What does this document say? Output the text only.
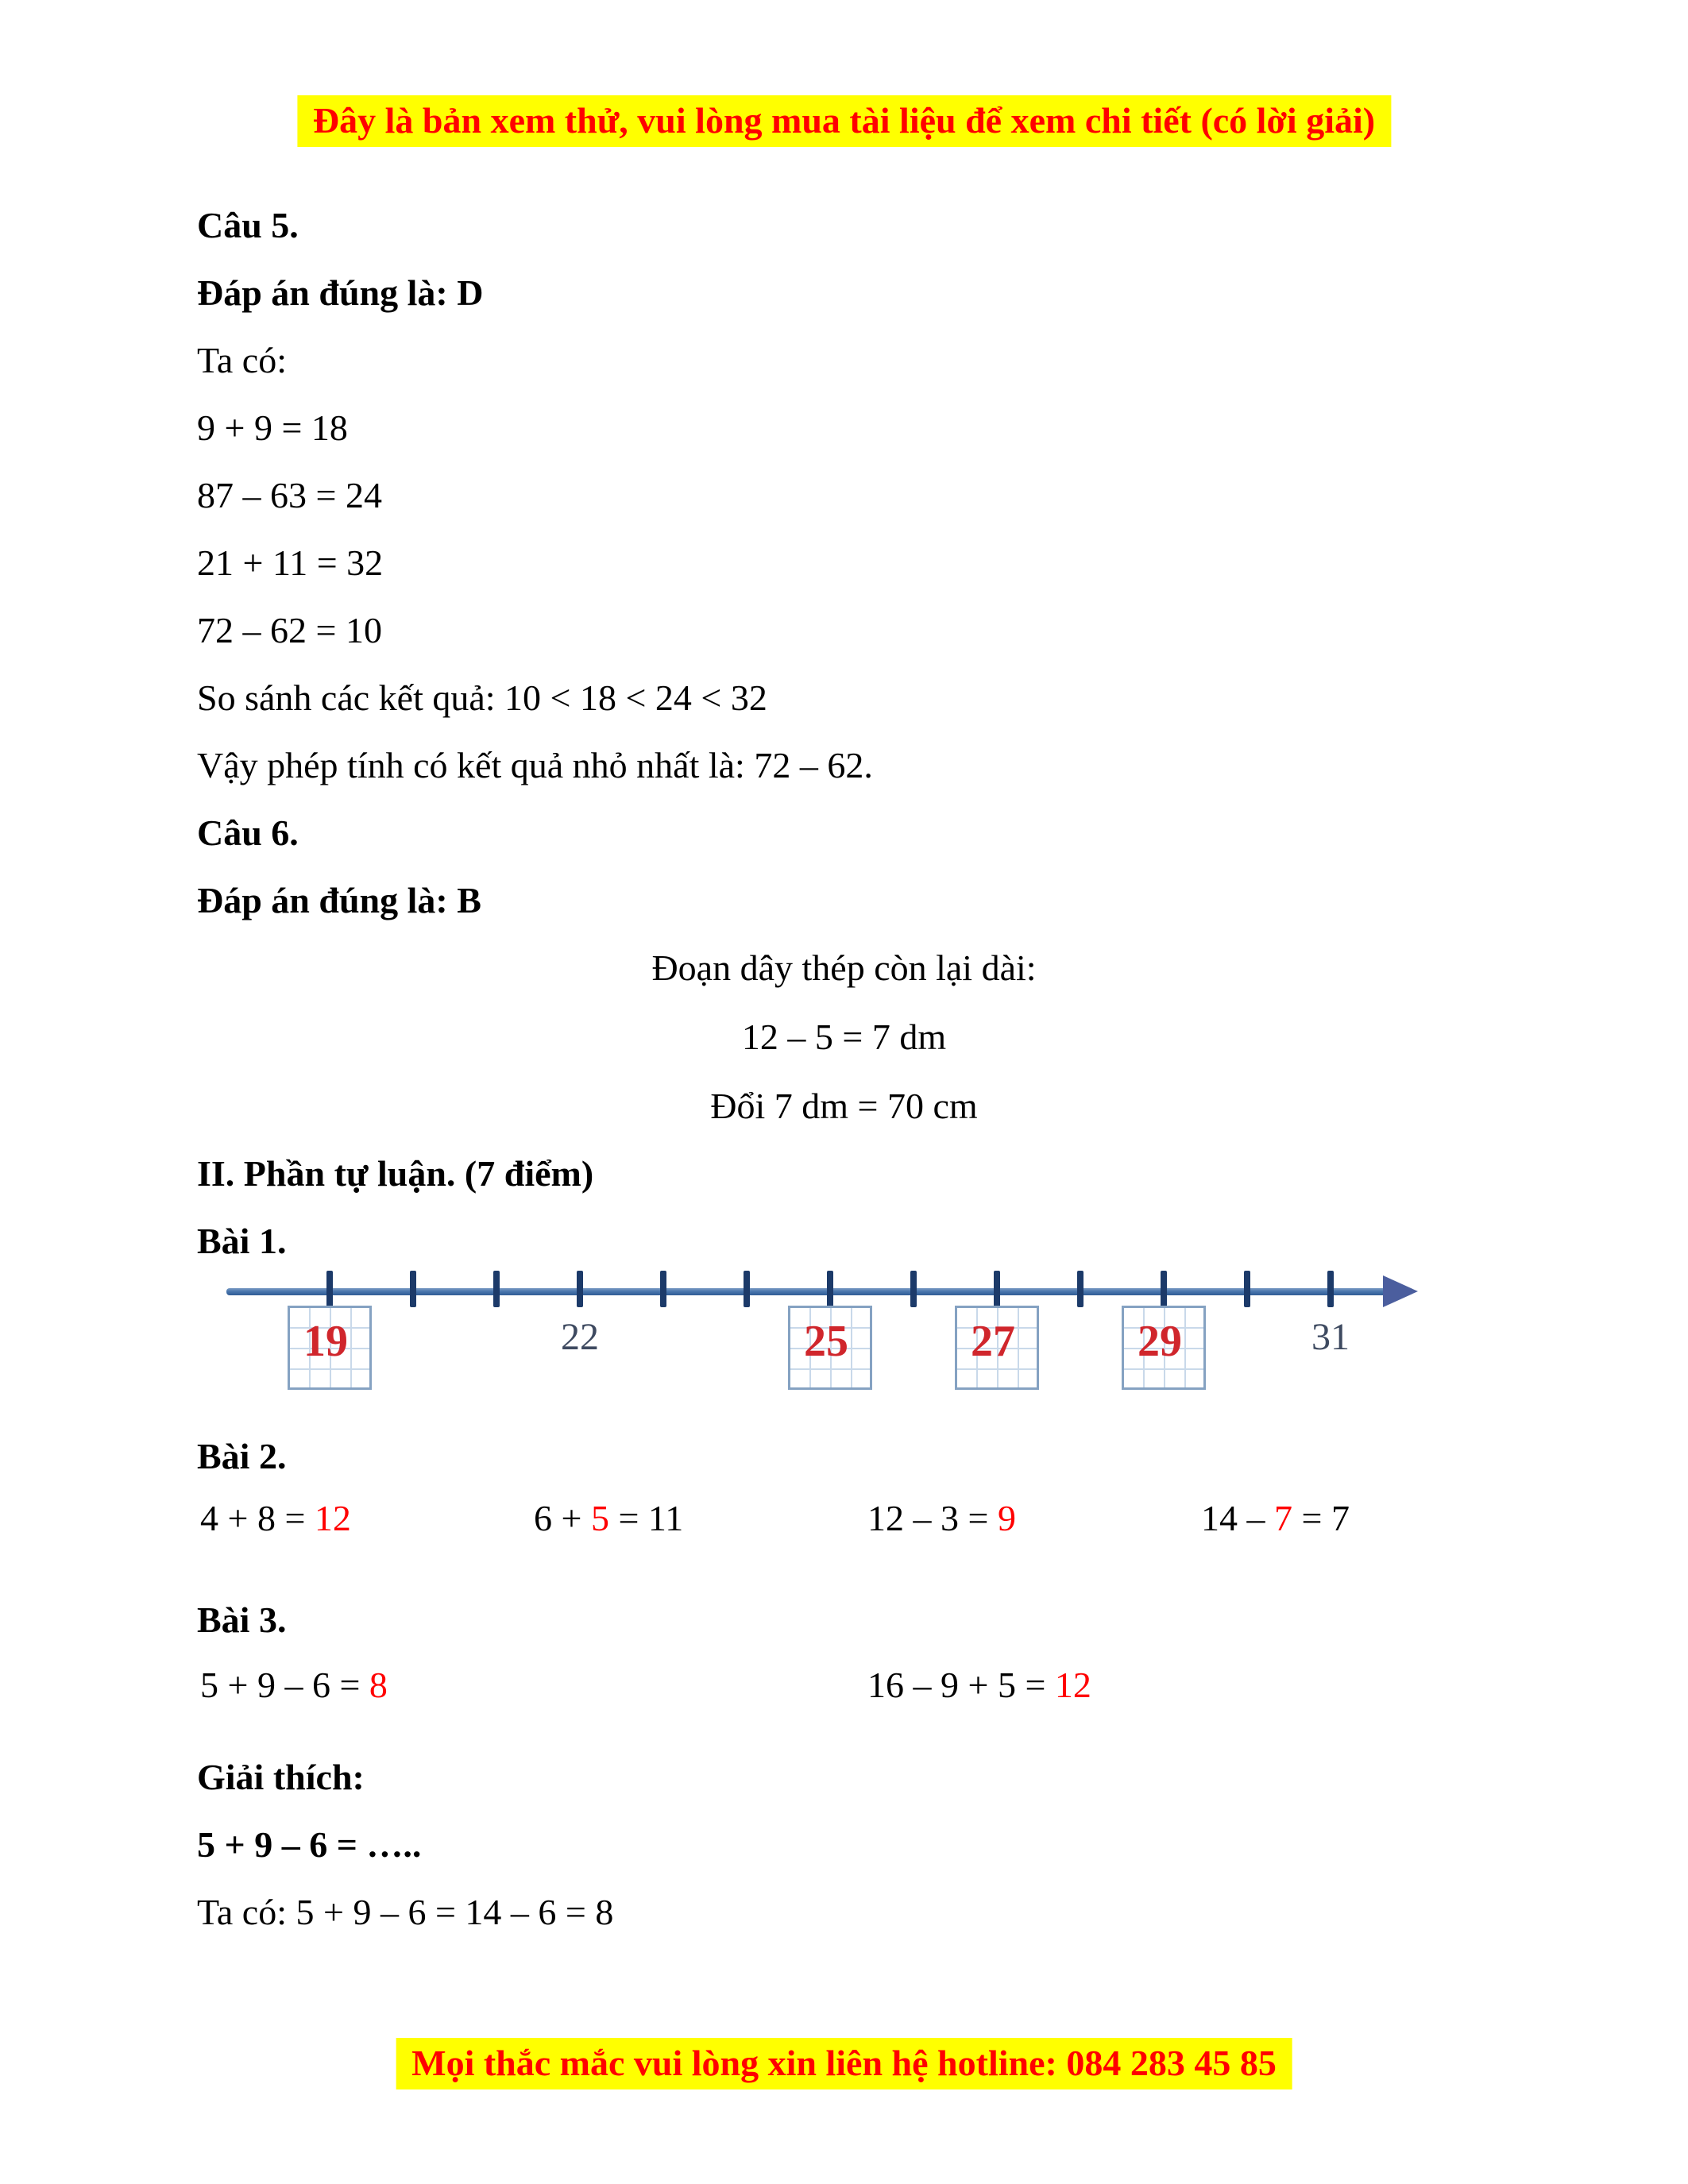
Đây là bản xem thử, vui lòng mua tài liệu để xem chi tiết (có lời giải)
Câu 5.
Đáp án đúng là: D
Ta có:
9 + 9 = 18
87 – 63 = 24
21 + 11 = 32
72 – 62 = 10
So sánh các kết quả: 10 < 18 < 24 < 32
Vậy phép tính có kết quả nhỏ nhất là: 72 – 62.
Câu 6.
Đáp án đúng là: B
Đoạn dây thép còn lại dài:
12 – 5 = 7 dm
Đổi 7 dm = 70 cm
II. Phần tự luận. (7 điểm)
Bài 1.
19	22	25	27	29	31
Bài 2.
4 + 8 = 12	6 + 5 = 11	12 – 3 = 9	14 – 7 = 7
Bài 3.
5 + 9 – 6 = 8	16 – 9 + 5 = 12
Giải thích:
5 + 9 – 6 = …..
Ta có: 5 + 9 – 6 = 14 – 6 = 8
Mọi thắc mắc vui lòng xin liên hệ hotline: 084 283 45 85
